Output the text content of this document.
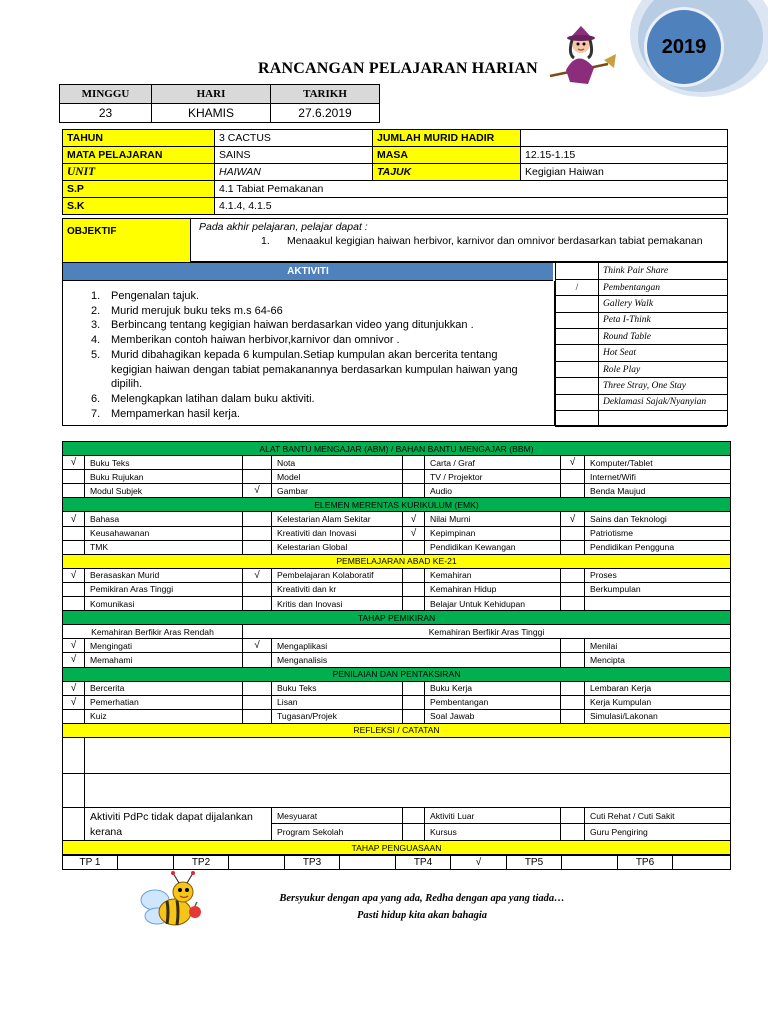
2019
RANCANGAN PELAJARAN HARIAN
MINGGU	HARI	TARIKH
23	KHAMIS	27.6.2019
TAHUN	3 CACTUS	JUMLAH MURID HADIR	
MATA PELAJARAN	SAINS	MASA	12.15-1.15
UNIT	HAIWAN	TAJUK	Kegigian Haiwan
S.P	4.1 Tabiat Pemakanan		
S.K	4.1.4, 4.1.5		
OBJEKTIF	Pada akhir pelajaran, pelajar dapat :
1.	Menaakul kegigian haiwan herbivor, karnivor dan omnivor berdasarkan tabiat pemakanan
AKTIVITI
1. Pengenalan tajuk.
2. Murid merujuk buku teks m.s 64-66
3. Berbincang tentang kegigian haiwan berdasarkan video yang ditunjukkan .
4. Memberikan contoh haiwan herbivor,karnivor dan omnivor .
5. Murid dibahagikan kepada 6 kumpulan.Setiap kumpulan akan bercerita tentang kegigian haiwan dengan tabiat pemakanannya berdasarkan kumpulan haiwan yang dipilih.
6. Melengkapkan latihan dalam buku aktiviti.
7. Mempamerkan hasil kerja.
	Think Pair Share
/	Pembentangan
	Gallery Walk
	Peta I-Think
	Round Table
	Hot Seat
	Role Play
	Three Stray, One Stay
	Deklamasi Sajak/Nyanyian

ALAT BANTU MENGAJAR (ABM) / BAHAN BANTU MENGAJAR (BBM)							
√	Buku Teks		Nota		Carta / Graf	√	Komputer/Tablet
	Buku Rujukan		Model		TV / Projektor		Internet/Wifi
	Modul Subjek	√	Gambar		Audio		Benda Maujud
ELEMEN MERENTAS KURIKULUM (EMK)							
√	Bahasa		Kelestarian Alam Sekitar	√	Nilai Murni	√	Sains dan Teknologi
	Keusahawanan		Kreativiti dan Inovasi	√	Kepimpinan		Patriotisme
	TMK		Kelestarian Global		Pendidikan Kewangan		Pendidikan Pengguna
PEMBELAJARAN ABAD KE-21							
√	Berasaskan Murid	√	Pembelajaran Kolaboratif		Kemahiran		Proses
	Pemikiran Aras Tinggi		Kreativiti dan kr		Kemahiran Hidup		Berkumpulan
	Komunikasi		Kritis dan Inovasi		Belajar Untuk Kehidupan		
TAHAP PEMIKIRAN							
Kemahiran Berfikir Aras Rendah		Kemahiran Berfikir Aras Tinggi					
√	Mengingati	√	Mengaplikasi				Menilai
√	Memahami		Menganalisis				Mencipta
PENILAIAN DAN PENTAKSIRAN							
√	Bercerita		Buku Teks		Buku Kerja		Lembaran Kerja
√	Pemerhatian		Lisan		Pembentangan		Kerja Kumpulan
	Kuiz		Tugasan/Projek		Soal Jawab		Simulasi/Lakonan
REFLEKSI / CATATAN							

	Aktiviti PdPc tidak dapat dijalankan kerana		Mesyuarat		Aktiviti Luar		Cuti Rehat / Cuti Sakit
			Program Sekolah		Kursus		Guru Pengiring
TAHAP PENGUASAAN							
TP 1		TP2		TP3		TP4	√	TP5		TP6	
Bersyukur dengan apa yang ada, Redha dengan apa yang tiada…
Pasti hidup kita akan bahagia
